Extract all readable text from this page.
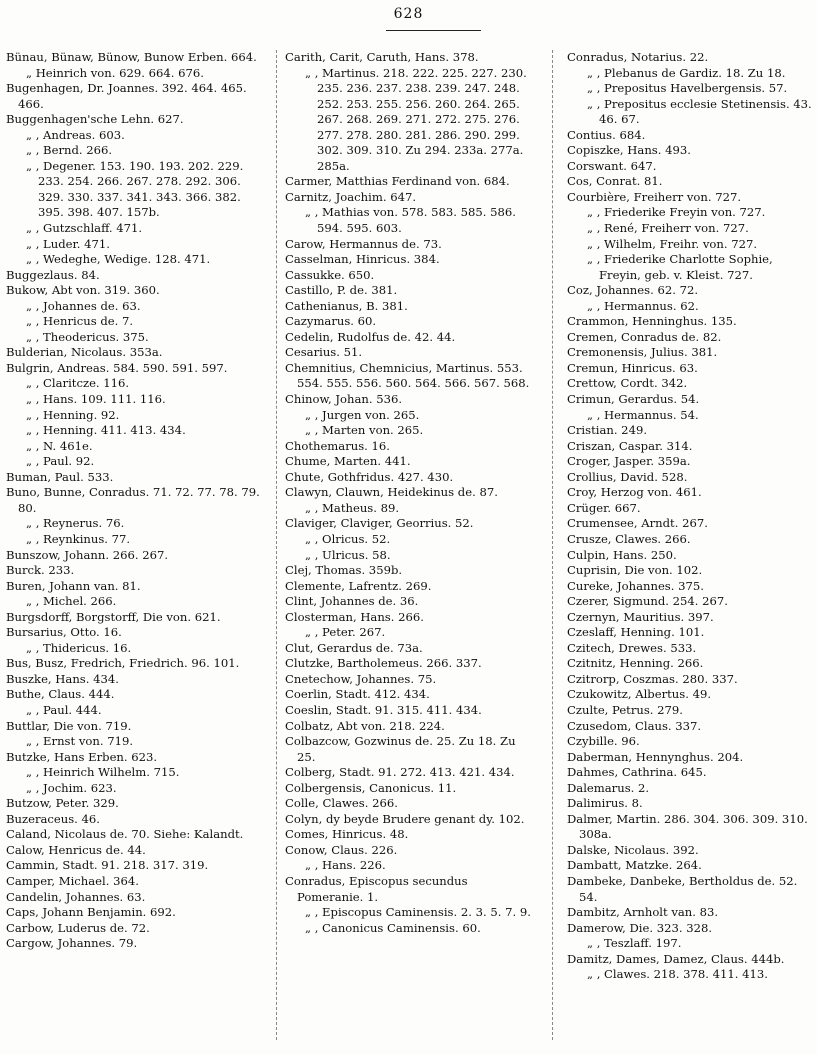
628
Bünau, Bünaw, Bünow, Bunow Erben. 664.
„ Heinrich von. 629. 664. 676.
Bugenhagen, Dr. Joannes. 392. 464. 465. 466.
Buggenhagen'sche Lehn. 627.
„ , Andreas. 603.
„ , Bernd. 266.
„ , Degener. 153. 190. 193. 202. 229. 233. 254. 266. 267. 278. 292. 306. 329. 330. 337. 341. 343. 366. 382. 395. 398. 407. 157b.
„ , Gutzschlaff. 471.
„ , Luder. 471.
„ , Wedeghe, Wedige. 128. 471.
Buggezlaus. 84.
Bukow, Abt von. 319. 360.
„ , Johannes de. 63.
„ , Henricus de. 7.
„ , Theodericus. 375.
Bulderian, Nicolaus. 353a.
Bulgrin, Andreas. 584. 590. 591. 597.
„ , Claritcze. 116.
„ , Hans. 109. 111. 116.
„ , Henning. 92.
„ , Henning. 411. 413. 434.
„ , N. 461e.
„ , Paul. 92.
Buman, Paul. 533.
Buno, Bunne, Conradus. 71. 72. 77. 78. 79. 80.
„ , Reynerus. 76.
„ , Reynkinus. 77.
Bunszow, Johann. 266. 267.
Burck. 233.
Buren, Johann van. 81.
„ , Michel. 266.
Burgsdorff, Borgstorff, Die von. 621.
Bursarius, Otto. 16.
„ , Thidericus. 16.
Bus, Busz, Fredrich, Friedrich. 96. 101.
Buszke, Hans. 434.
Buthe, Claus. 444.
„ , Paul. 444.
Buttlar, Die von. 719.
„ , Ernst von. 719.
Butzke, Hans Erben. 623.
„ , Heinrich Wilhelm. 715.
„ , Jochim. 623.
Butzow, Peter. 329.
Buzeraceus. 46.
Caland, Nicolaus de. 70. Siehe: Kalandt.
Calow, Henricus de. 44.
Cammin, Stadt. 91. 218. 317. 319.
Camper, Michael. 364.
Candelin, Johannes. 63.
Caps, Johann Benjamin. 692.
Carbow, Luderus de. 72.
Cargow, Johannes. 79.
Carith, Carit, Caruth, Hans. 378.
„ , Martinus. 218. 222. 225. 227. 230. 235. 236. 237. 238. 239. 247. 248. 252. 253. 255. 256. 260. 264. 265. 267. 268. 269. 271. 272. 275. 276. 277. 278. 280. 281. 286. 290. 299. 302. 309. 310. Zu 294. 233a. 277a. 285a.
Carmer, Matthias Ferdinand von. 684.
Carnitz, Joachim. 647.
„ , Mathias von. 578. 583. 585. 586. 594. 595. 603.
Carow, Hermannus de. 73.
Casselman, Hinricus. 384.
Cassukke. 650.
Castillo, P. de. 381.
Cathenianus, B. 381.
Cazymarus. 60.
Cedelin, Rudolfus de. 42. 44.
Cesarius. 51.
Chemnitius, Chemnicius, Martinus. 553. 554. 555. 556. 560. 564. 566. 567. 568.
Chinow, Johan. 536.
„ , Jurgen von. 265.
„ , Marten von. 265.
Chothemarus. 16.
Chume, Marten. 441.
Chute, Gothfridus. 427. 430.
Clawyn, Clauwn, Heidekinus de. 87.
„ , Matheus. 89.
Claviger, Claviger, Georrius. 52.
„ , Olricus. 52.
„ , Ulricus. 58.
Clej, Thomas. 359b.
Clemente, Lafrentz. 269.
Clint, Johannes de. 36.
Closterman, Hans. 266.
„ , Peter. 267.
Clut, Gerardus de. 73a.
Clutzke, Bartholemeus. 266. 337.
Cnetechow, Johannes. 75.
Coerlin, Stadt. 412. 434.
Coeslin, Stadt. 91. 315. 411. 434.
Colbatz, Abt von. 218. 224.
Colbazcow, Gozwinus de. 25. Zu 18. Zu 25.
Colberg, Stadt. 91. 272. 413. 421. 434.
Colbergensis, Canonicus. 11.
Colle, Clawes. 266.
Colyn, dy beyde Brudere genant dy. 102.
Comes, Hinricus. 48.
Conow, Claus. 226.
„ , Hans. 226.
Conradus, Episcopus secundus Pomeranie. 1.
„ , Episcopus Caminensis. 2. 3. 5. 7. 9.
„ , Canonicus Caminensis. 60.
Conradus, Notarius. 22.
„ , Plebanus de Gardiz. 18. Zu 18.
„ , Prepositus Havelbergensis. 57.
„ , Prepositus ecclesie Stetinensis. 43. 46. 67.
Contius. 684.
Copiszke, Hans. 493.
Corswant. 647.
Cos, Conrat. 81.
Courbière, Freiherr von. 727.
„ , Friederike Freyin von. 727.
„ , René, Freiherr von. 727.
„ , Wilhelm, Freihr. von. 727.
„ , Friederike Charlotte Sophie, Freyin, geb. v. Kleist. 727.
Coz, Johannes. 62. 72.
„ , Hermannus. 62.
Crammon, Henninghus. 135.
Cremen, Conradus de. 82.
Cremonensis, Julius. 381.
Cremun, Hinricus. 63.
Crettow, Cordt. 342.
Crimun, Gerardus. 54.
„ , Hermannus. 54.
Cristian. 249.
Criszan, Caspar. 314.
Croger, Jasper. 359a.
Crollius, David. 528.
Croy, Herzog von. 461.
Crüger. 667.
Crumensee, Arndt. 267.
Crusze, Clawes. 266.
Culpin, Hans. 250.
Cuprisin, Die von. 102.
Cureke, Johannes. 375.
Czerer, Sigmund. 254. 267.
Czernyn, Mauritius. 397.
Czeslaff, Henning. 101.
Czitech, Drewes. 533.
Czitnitz, Henning. 266.
Czitrorp, Coszmas. 280. 337.
Czukowitz, Albertus. 49.
Czulte, Petrus. 279.
Czusedom, Claus. 337.
Czybille. 96.
Daberman, Hennynghus. 204.
Dahmes, Cathrina. 645.
Dalemarus. 2.
Dalimirus. 8.
Dalmer, Martin. 286. 304. 306. 309. 310. 308a.
Dalske, Nicolaus. 392.
Dambatt, Matzke. 264.
Dambeke, Danbeke, Bertholdus de. 52. 54.
Dambitz, Arnholt van. 83.
Damerow, Die. 323. 328.
„ , Teszlaff. 197.
Damitz, Dames, Damez, Claus. 444b.
„ , Clawes. 218. 378. 411. 413.
